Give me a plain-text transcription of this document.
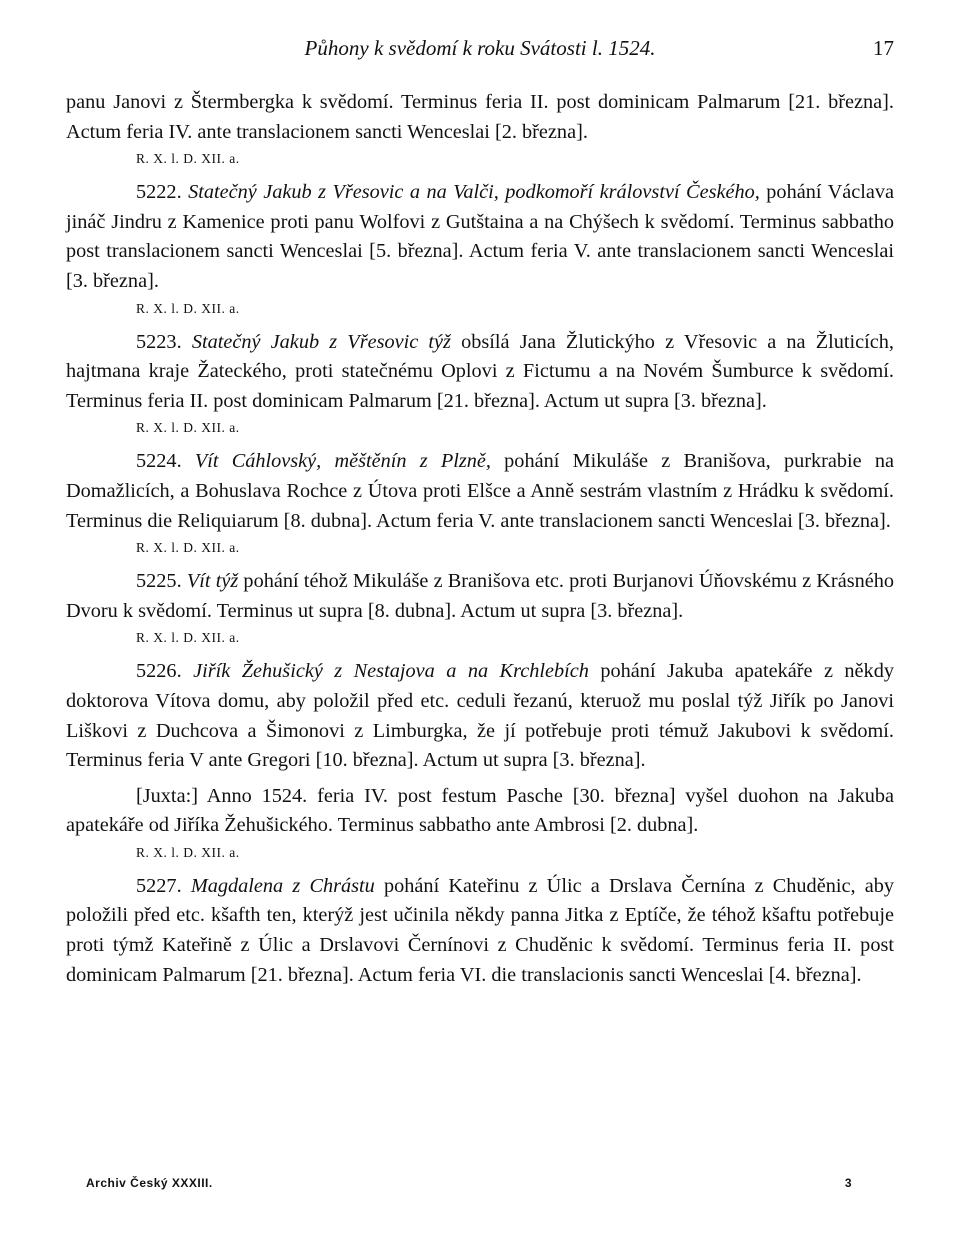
Půhony k svědomí k roku Svátosti l. 1524.	17

panu Janovi z Štermbergka k svědomí. Terminus feria II. post dominicam Palmarum [21. března]. Actum feria IV. ante translacionem sancti Wenceslai [2. března].

R. X. l. D. XII. a.

5222. Statečný Jakub z Vřesovic a na Valči, podkomoří království Českého, pohání Václava jináč Jindru z Kamenice proti panu Wolfovi z Gutštaina a na Chýšech k svědomí. Terminus sabbatho post translacionem sancti Wenceslai [5. března]. Actum feria V. ante translacionem sancti Wenceslai [3. března].

R. X. l. D. XII. a.

5223. Statečný Jakub z Vřesovic týž obsílá Jana Žlutickýho z Vřesovic a na Žluticích, hajtmana kraje Žateckého, proti statečnému Oplovi z Fictumu a na Novém Šumburce k svědomí. Terminus feria II. post dominicam Palmarum [21. března]. Actum ut supra [3. března].

R. X. l. D. XII. a.

5224. Vít Cáhlovský, měštěnín z Plzně, pohání Mikuláše z Branišova, purkrabie na Domažlicích, a Bohuslava Rochce z Útova proti Elšce a Anně sestrám vlastním z Hrádku k svědomí. Terminus die Reliquiarum [8. dubna]. Actum feria V. ante translacionem sancti Wenceslai [3. března].

R. X. l. D. XII. a.

5225. Vít týž pohání téhož Mikuláše z Branišova etc. proti Burjanovi Úňovskému z Krásného Dvoru k svědomí. Terminus ut supra [8. dubna]. Actum ut supra [3. března].

R. X. l. D. XII. a.

5226. Jiřík Žehušický z Nestajova a na Krchlebích pohání Jakuba apatekáře z někdy doktorova Vítova domu, aby položil před etc. ceduli řezanú, kteruož mu poslal týž Jiřík po Janovi Liškovi z Duchcova a Šimonovi z Limburgka, že jí potřebuje proti témuž Jakubovi k svědomí. Terminus feria V ante Gregori [10. března]. Actum ut supra [3. března].

[Juxta:] Anno 1524. feria IV. post festum Pasche [30. března] vyšel duohon na Jakuba apatekáře od Jiříka Žehušického. Terminus sabbatho ante Ambrosi [2. dubna].

R. X. l. D. XII. a.

5227. Magdalena z Chrástu pohání Kateřinu z Úlic a Drslava Černína z Chuděnic, aby položili před etc. kšafth ten, kterýž jest učinila někdy panna Jitka z Eptíče, že téhož kšaftu potřebuje proti týmž Kateřině z Úlic a Drslavovi Černínovi z Chuděnic k svědomí. Terminus feria II. post dominicam Palmarum [21. března]. Actum feria VI. die translacionis sancti Wenceslai [4. března].

Archiv Český XXXIII.	3
